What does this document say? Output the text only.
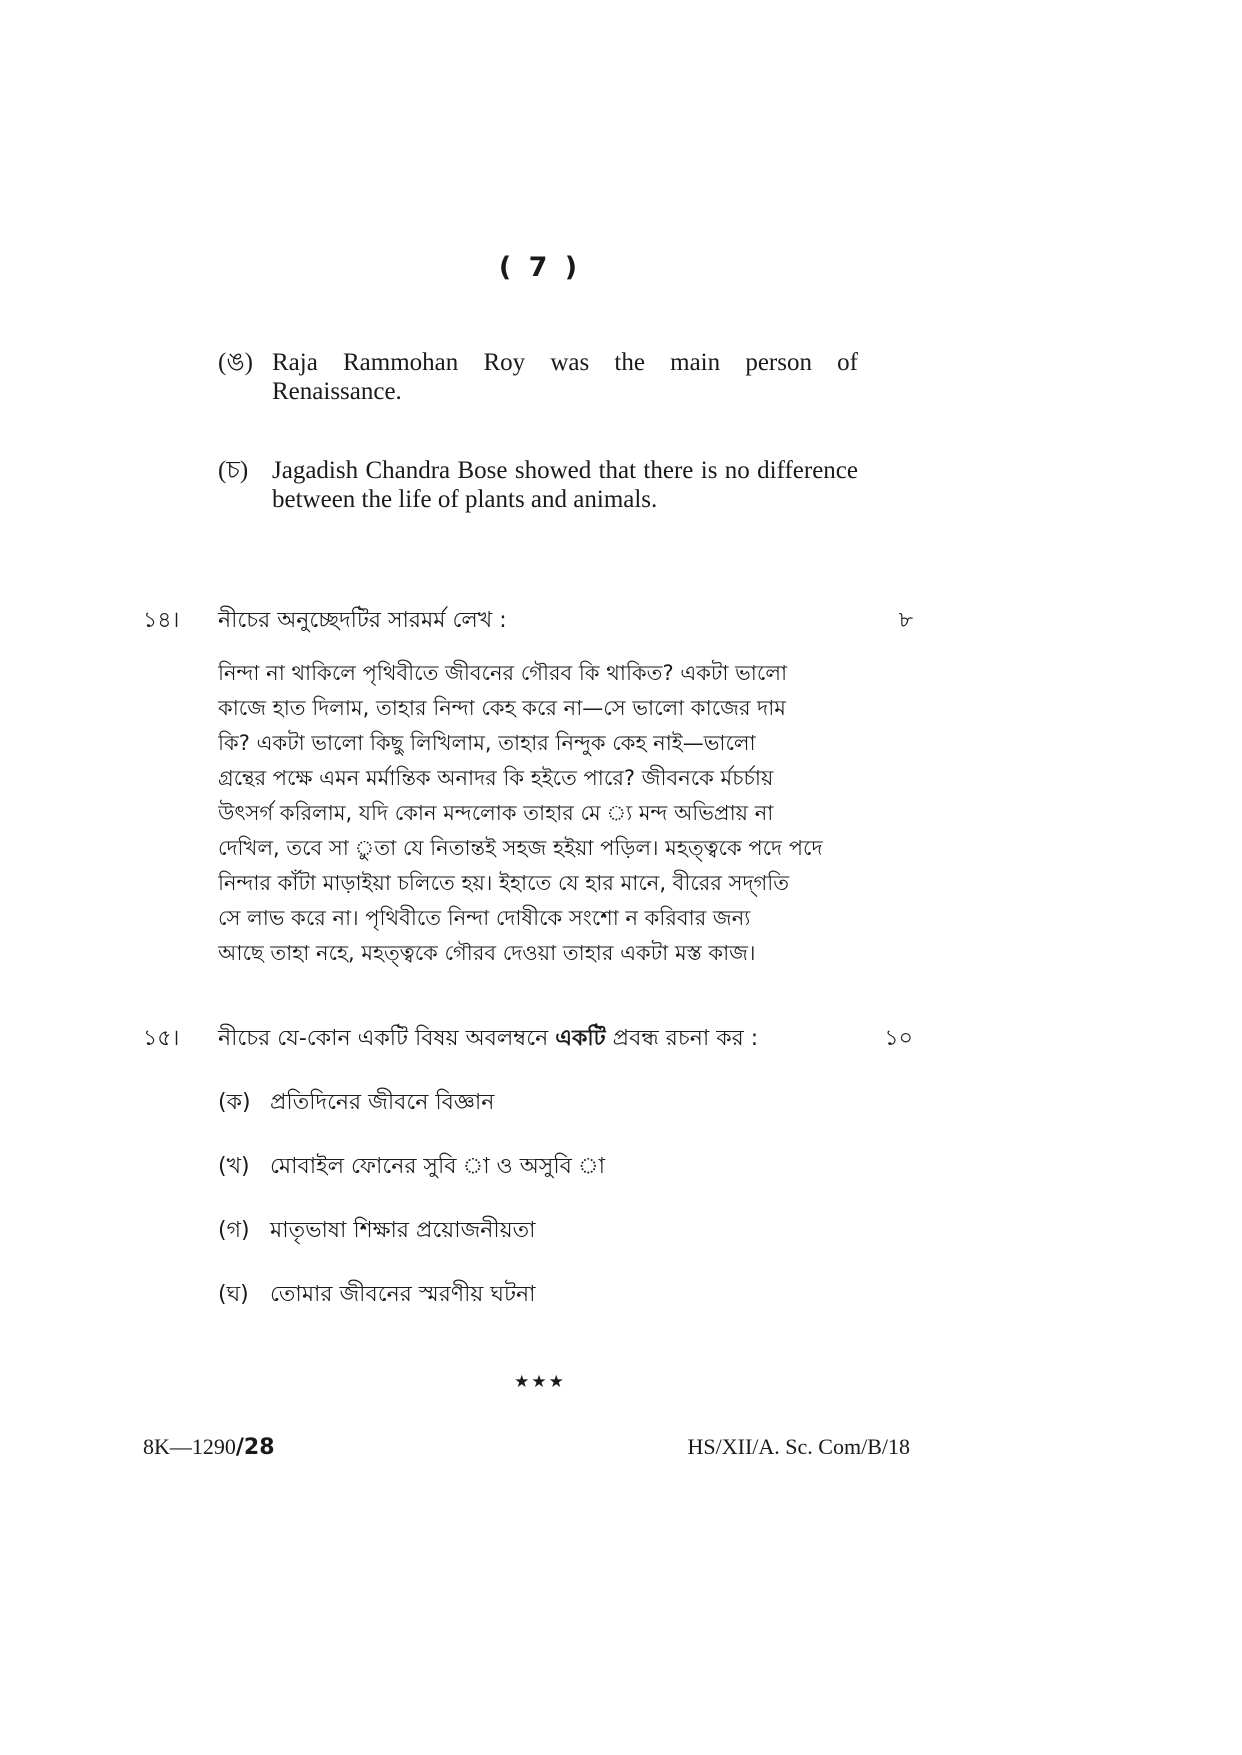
( 7 )
(ঙ) Raja Rammohan Roy was the main person of Renaissance.
(চ) Jagadish Chandra Bose showed that there is no difference between the life of plants and animals.
১৪।	নীচের অনুচ্ছেদটির সারমর্ম লেখ :	৮
নিন্দা না থাকিলে পৃথিবীতে জীবনের গৌরব কি থাকিত? একটা ভালো
কাজে হাত দিলাম, তাহার নিন্দা কেহ করে না—সে ভালো কাজের দাম
কি? একটা ভালো কিছু লিখিলাম, তাহার নিন্দুক কেহ নাই—ভালো
গ্রন্থের পক্ষে এমন মর্মান্তিক অনাদর কি হইতে পারে? জীবনকে র্মচর্চায়
উৎসর্গ করিলাম, যদি কোন মন্দলোক তাহার মে ্য মন্দ অভিপ্রায় না
দেখিল, তবে সা ুতা যে নিতান্তই সহজ হইয়া পড়িল। মহত্ত্বকে পদে পদে
নিন্দার কাঁটা মাড়াইয়া চলিতে হয়। ইহাতে যে হার মানে, বীরের সদ্‌গতি
সে লাভ করে না। পৃথিবীতে নিন্দা দোষীকে সংশো ন করিবার জন্য
আছে তাহা নহে, মহত্ত্বকে গৌরব দেওয়া তাহার একটা মস্ত কাজ।
১৫।	নীচের যে-কোন একটি বিষয় অবলম্বনে একটি প্রবন্ধ রচনা কর :	১০
(ক) প্রতিদিনের জীবনে বিজ্ঞান
(খ) মোবাইল ফোনের সুবি া ও অসুবি া
(গ) মাতৃভাষা শিক্ষার প্রয়োজনীয়তা
(ঘ) তোমার জীবনের স্মরণীয় ঘটনা
★★★
8K—1290/28	HS/XII/A. Sc. Com/B/18
